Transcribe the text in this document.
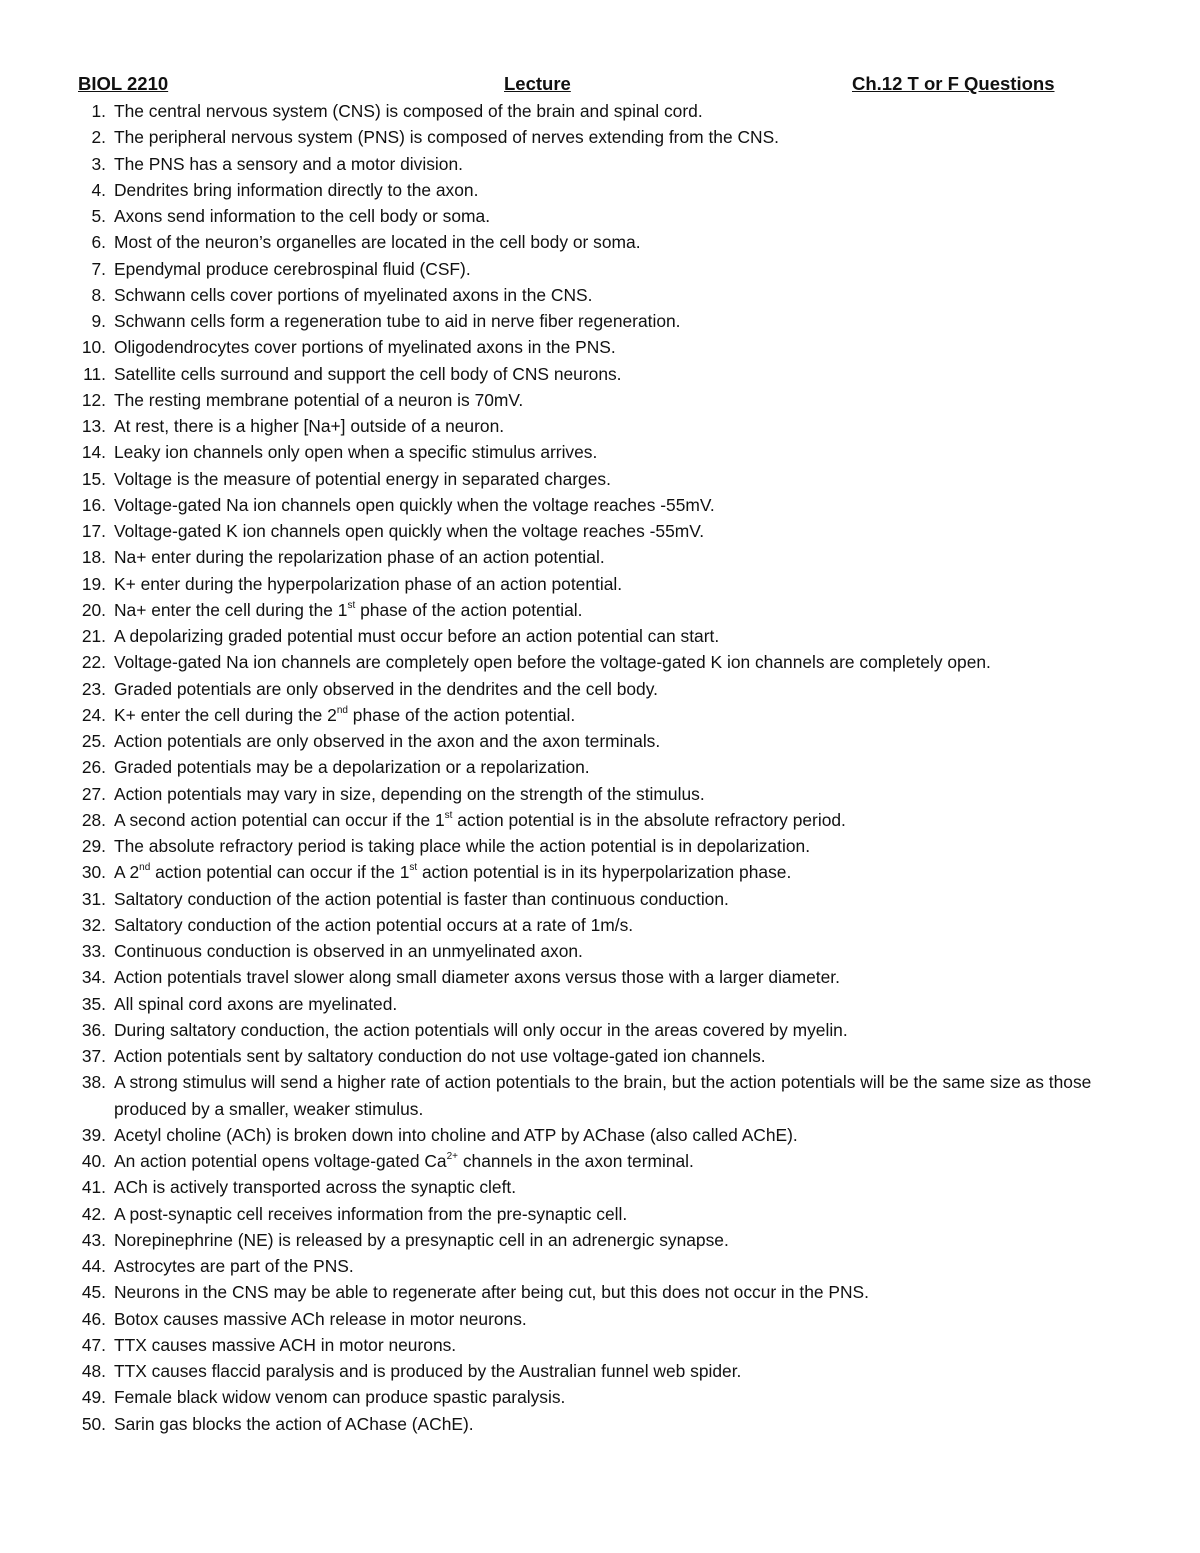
BIOL 2210	Lecture	Ch.12 T or F Questions
1. The central nervous system (CNS) is composed of the brain and spinal cord.
2. The peripheral nervous system (PNS) is composed of nerves extending from the CNS.
3. The PNS has a sensory and a motor division.
4. Dendrites bring information directly to the axon.
5. Axons send information to the cell body or soma.
6. Most of the neuron’s organelles are located in the cell body or soma.
7. Ependymal produce cerebrospinal fluid (CSF).
8. Schwann cells cover portions of myelinated axons in the CNS.
9. Schwann cells form a regeneration tube to aid in nerve fiber regeneration.
10. Oligodendrocytes cover portions of myelinated axons in the PNS.
11. Satellite cells surround and support the cell body of CNS neurons.
12. The resting membrane potential of a neuron is 70mV.
13. At rest, there is a higher [Na+] outside of a neuron.
14. Leaky ion channels only open when a specific stimulus arrives.
15. Voltage is the measure of potential energy in separated charges.
16. Voltage-gated Na ion channels open quickly when the voltage reaches -55mV.
17. Voltage-gated K ion channels open quickly when the voltage reaches -55mV.
18. Na+ enter during the repolarization phase of an action potential.
19. K+ enter during the hyperpolarization phase of an action potential.
20. Na+ enter the cell during the 1st phase of the action potential.
21. A depolarizing graded potential must occur before an action potential can start.
22. Voltage-gated Na ion channels are completely open before the voltage-gated K ion channels are completely open.
23. Graded potentials are only observed in the dendrites and the cell body.
24. K+ enter the cell during the 2nd phase of the action potential.
25. Action potentials are only observed in the axon and the axon terminals.
26. Graded potentials may be a depolarization or a repolarization.
27. Action potentials may vary in size, depending on the strength of the stimulus.
28. A second action potential can occur if the 1st action potential is in the absolute refractory period.
29. The absolute refractory period is taking place while the action potential is in depolarization.
30. A 2nd action potential can occur if the 1st action potential is in its hyperpolarization phase.
31. Saltatory conduction of the action potential is faster than continuous conduction.
32. Saltatory conduction of the action potential occurs at a rate of 1m/s.
33. Continuous conduction is observed in an unmyelinated axon.
34. Action potentials travel slower along small diameter axons versus those with a larger diameter.
35. All spinal cord axons are myelinated.
36. During saltatory conduction, the action potentials will only occur in the areas covered by myelin.
37. Action potentials sent by saltatory conduction do not use voltage-gated ion channels.
38. A strong stimulus will send a higher rate of action potentials to the brain, but the action potentials will be the same size as those produced by a smaller, weaker stimulus.
39. Acetyl choline (ACh) is broken down into choline and ATP by AChase (also called AChE).
40. An action potential opens voltage-gated $Ca^{2+}$ channels in the axon terminal.
41. ACh is actively transported across the synaptic cleft.
42. A post-synaptic cell receives information from the pre-synaptic cell.
43. Norepinephrine (NE) is released by a presynaptic cell in an adrenergic synapse.
44. Astrocytes are part of the PNS.
45. Neurons in the CNS may be able to regenerate after being cut, but this does not occur in the PNS.
46. Botox causes massive ACh release in motor neurons.
47. TTX causes massive ACH in motor neurons.
48. TTX causes flaccid paralysis and is produced by the Australian funnel web spider.
49. Female black widow venom can produce spastic paralysis.
50. Sarin gas blocks the action of AChase (AChE).
